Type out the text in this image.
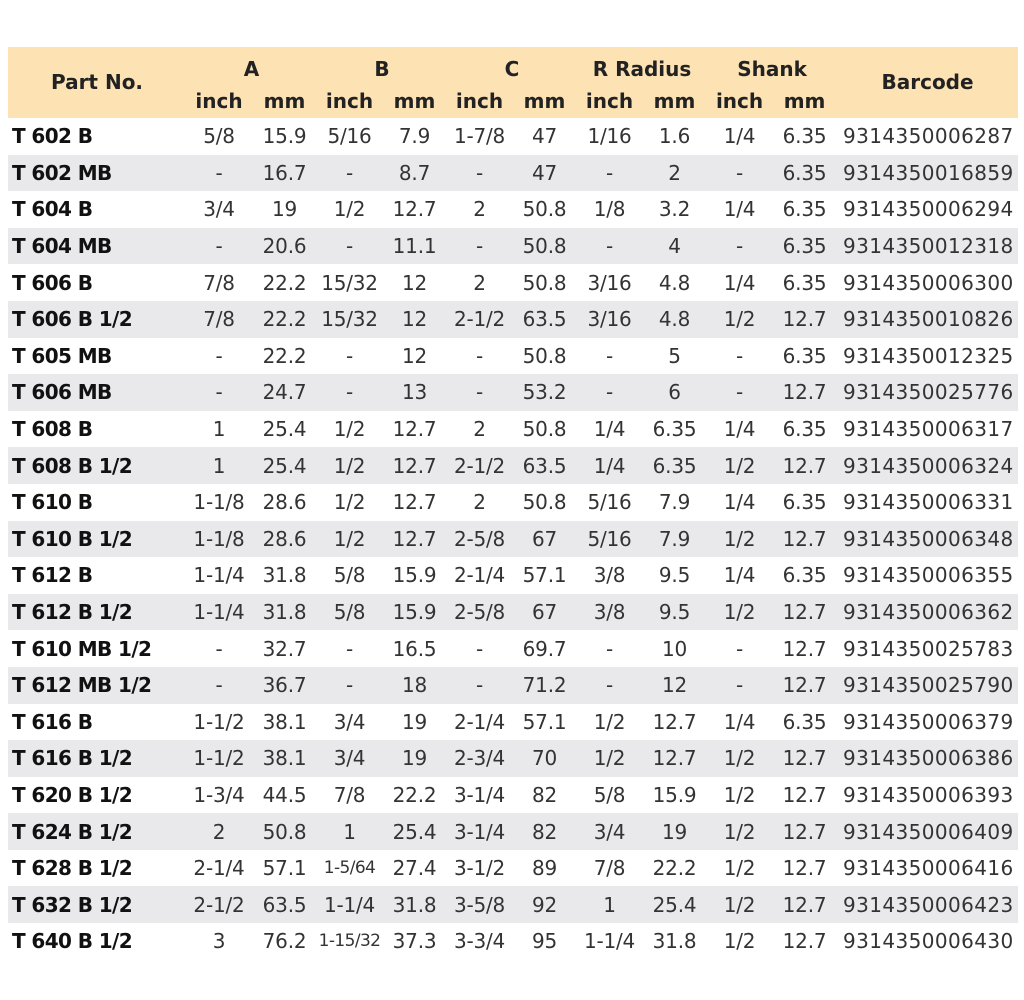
Part No.	A		B		C		R Radius		Shank		Barcode
	inch	mm	inch	mm	inch	mm	inch	mm	inch	mm	
T 602 B	5/8	15.9	5/16	7.9	1-7/8	47	1/16	1.6	1/4	6.35	9314350006287
T 602 MB	-	16.7	-	8.7	-	47	-	2	-	6.35	9314350016859
T 604 B	3/4	19	1/2	12.7	2	50.8	1/8	3.2	1/4	6.35	9314350006294
T 604 MB	-	20.6	-	11.1	-	50.8	-	4	-	6.35	9314350012318
T 606 B	7/8	22.2	15/32	12	2	50.8	3/16	4.8	1/4	6.35	9314350006300
T 606 B 1/2	7/8	22.2	15/32	12	2-1/2	63.5	3/16	4.8	1/2	12.7	9314350010826
T 605 MB	-	22.2	-	12	-	50.8	-	5	-	6.35	9314350012325
T 606 MB	-	24.7	-	13	-	53.2	-	6	-	12.7	9314350025776
T 608 B	1	25.4	1/2	12.7	2	50.8	1/4	6.35	1/4	6.35	9314350006317
T 608 B 1/2	1	25.4	1/2	12.7	2-1/2	63.5	1/4	6.35	1/2	12.7	9314350006324
T 610 B	1-1/8	28.6	1/2	12.7	2	50.8	5/16	7.9	1/4	6.35	9314350006331
T 610 B 1/2	1-1/8	28.6	1/2	12.7	2-5/8	67	5/16	7.9	1/2	12.7	9314350006348
T 612 B	1-1/4	31.8	5/8	15.9	2-1/4	57.1	3/8	9.5	1/4	6.35	9314350006355
T 612 B 1/2	1-1/4	31.8	5/8	15.9	2-5/8	67	3/8	9.5	1/2	12.7	9314350006362
T 610 MB 1/2	-	32.7	-	16.5	-	69.7	-	10	-	12.7	9314350025783
T 612 MB 1/2	-	36.7	-	18	-	71.2	-	12	-	12.7	9314350025790
T 616 B	1-1/2	38.1	3/4	19	2-1/4	57.1	1/2	12.7	1/4	6.35	9314350006379
T 616 B 1/2	1-1/2	38.1	3/4	19	2-3/4	70	1/2	12.7	1/2	12.7	9314350006386
T 620 B 1/2	1-3/4	44.5	7/8	22.2	3-1/4	82	5/8	15.9	1/2	12.7	9314350006393
T 624 B 1/2	2	50.8	1	25.4	3-1/4	82	3/4	19	1/2	12.7	9314350006409
T 628 B 1/2	2-1/4	57.1	1-5/64	27.4	3-1/2	89	7/8	22.2	1/2	12.7	9314350006416
T 632 B 1/2	2-1/2	63.5	1-1/4	31.8	3-5/8	92	1	25.4	1/2	12.7	9314350006423
T 640 B 1/2	3	76.2	1-15/32	37.3	3-3/4	95	1-1/4	31.8	1/2	12.7	9314350006430
